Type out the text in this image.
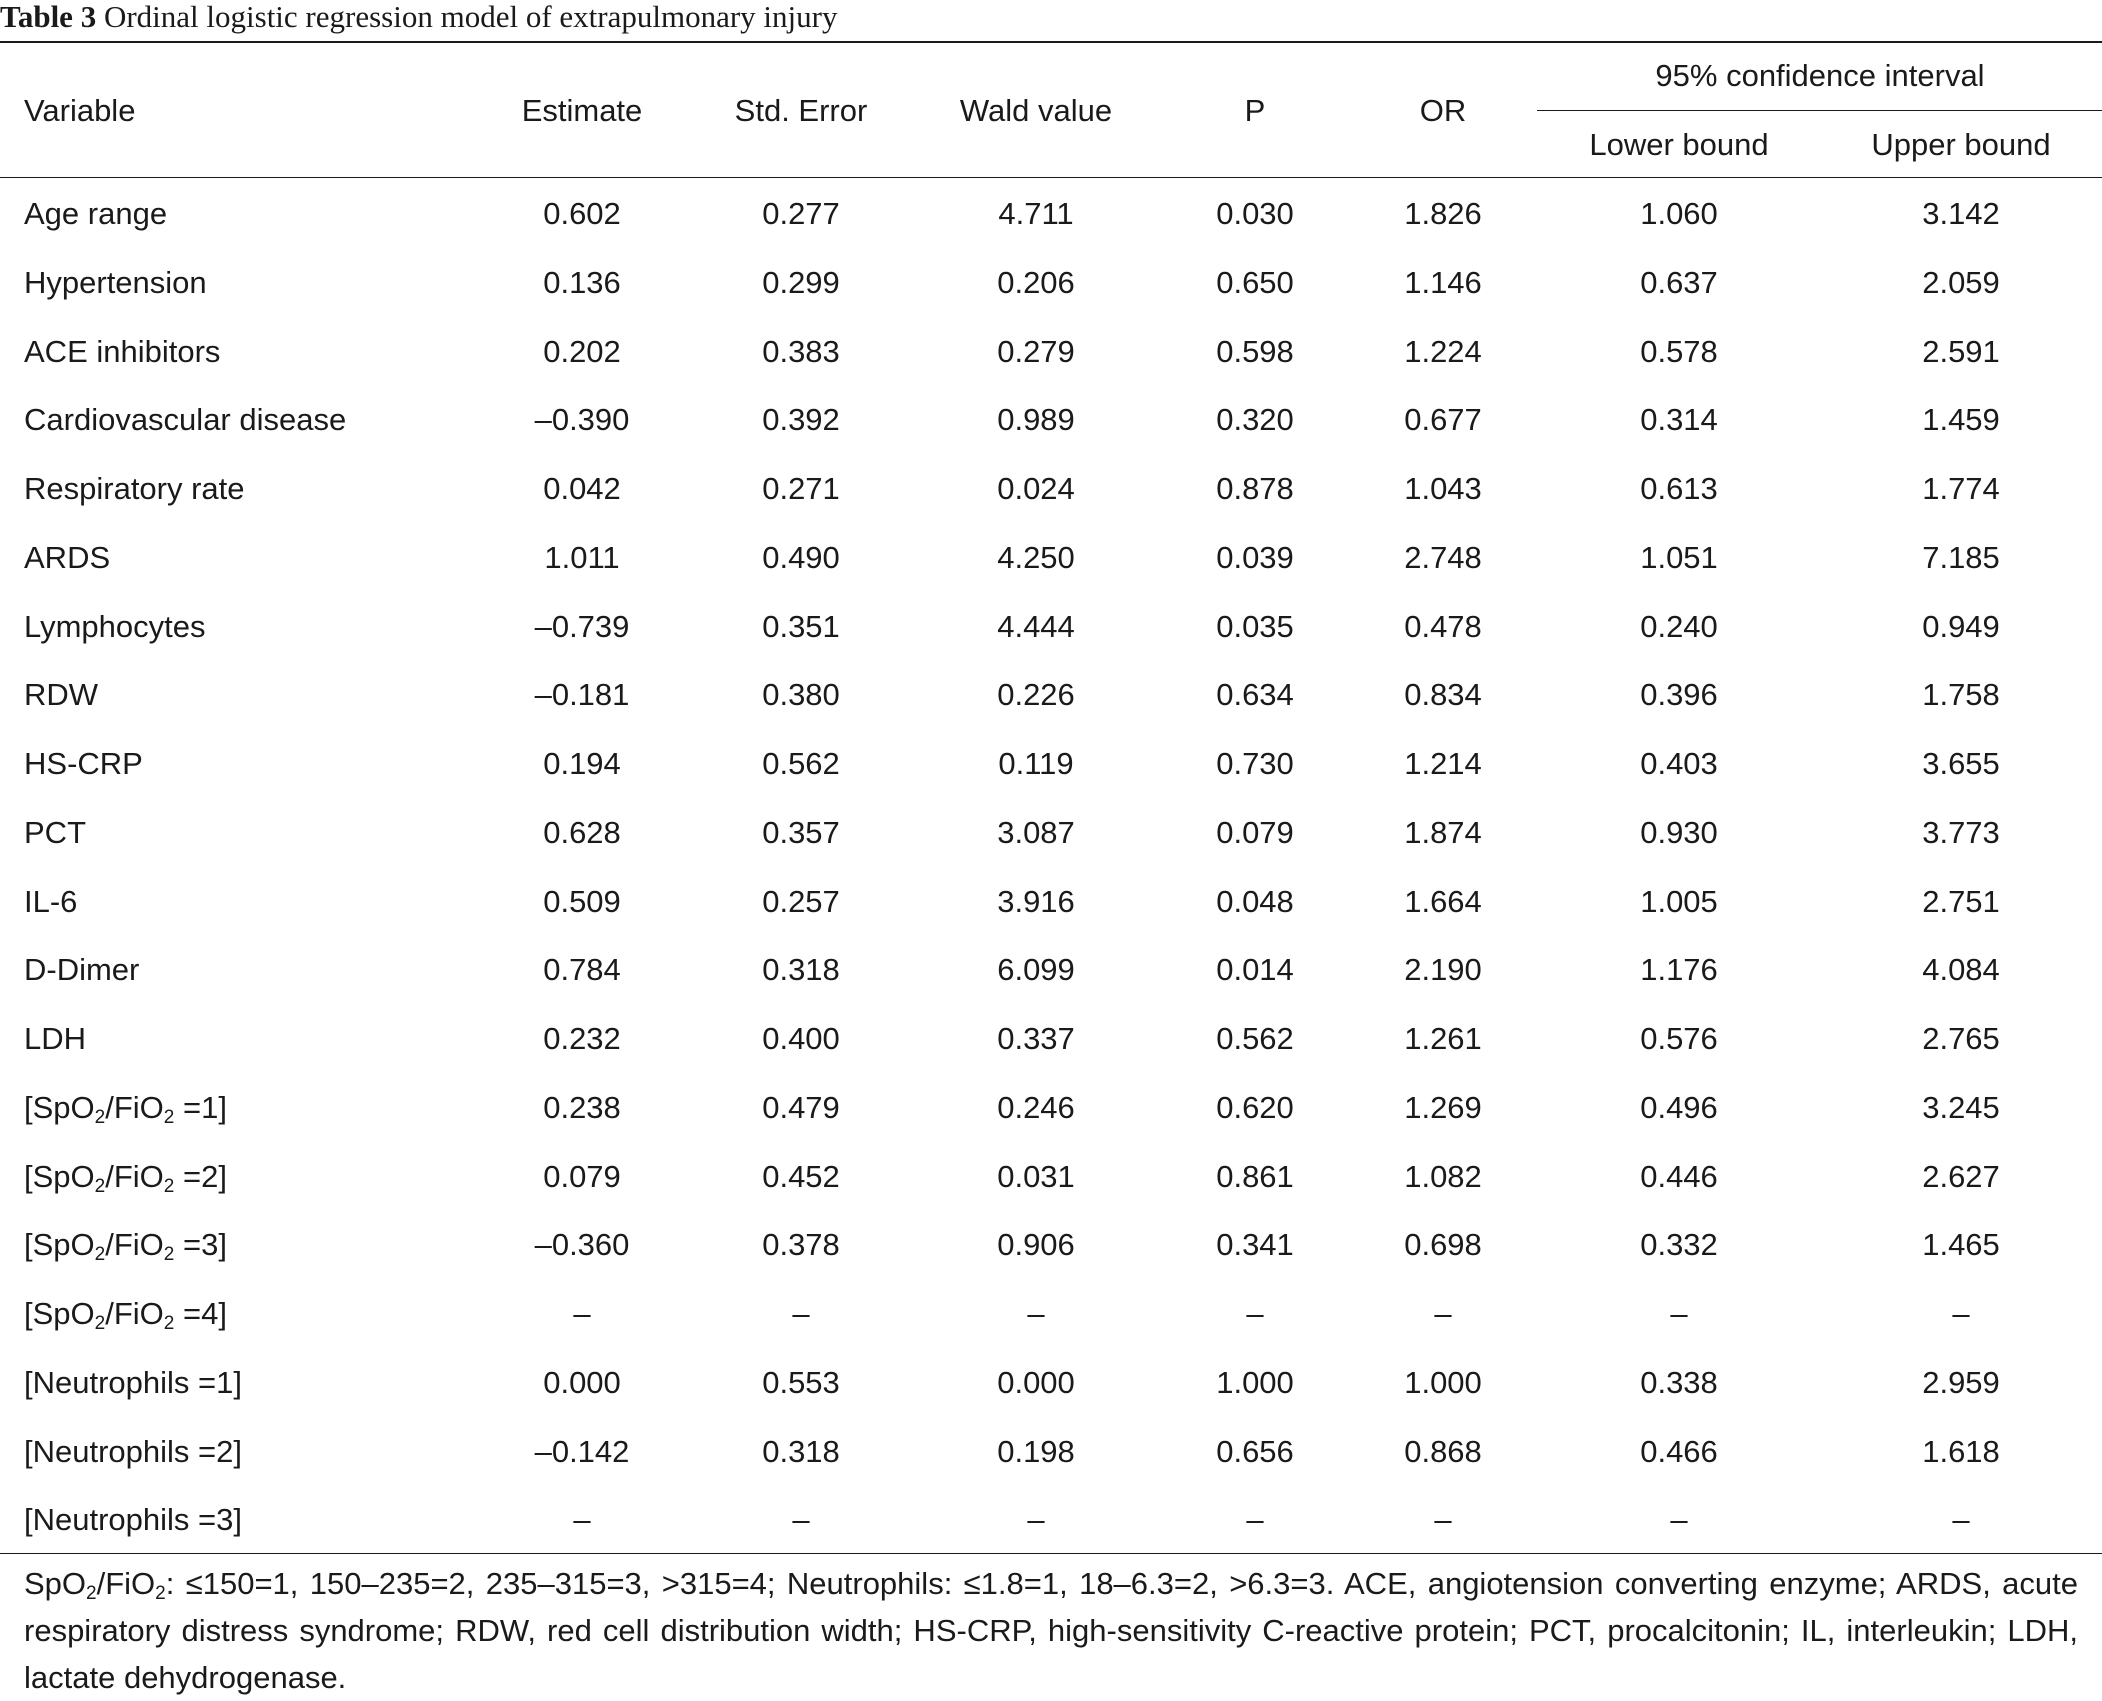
Table 3 Ordinal logistic regression model of extrapulmonary injury
Variable	Estimate	Std. Error	Wald value	P	OR
95% confidence interval
Lower bound	Upper bound
Age range	0.602	0.277	4.711	0.030	1.826	1.060	3.142
Hypertension	0.136	0.299	0.206	0.650	1.146	0.637	2.059
ACE inhibitors	0.202	0.383	0.279	0.598	1.224	0.578	2.591
Cardiovascular disease	–0.390	0.392	0.989	0.320	0.677	0.314	1.459
Respiratory rate	0.042	0.271	0.024	0.878	1.043	0.613	1.774
ARDS	1.011	0.490	4.250	0.039	2.748	1.051	7.185
Lymphocytes	–0.739	0.351	4.444	0.035	0.478	0.240	0.949
RDW	–0.181	0.380	0.226	0.634	0.834	0.396	1.758
HS-CRP	0.194	0.562	0.119	0.730	1.214	0.403	3.655
PCT	0.628	0.357	3.087	0.079	1.874	0.930	3.773
IL-6	0.509	0.257	3.916	0.048	1.664	1.005	2.751
D-Dimer	0.784	0.318	6.099	0.014	2.190	1.176	4.084
LDH	0.232	0.400	0.337	0.562	1.261	0.576	2.765
[SpO$_2$/FiO$_2$ =1]	0.238	0.479	0.246	0.620	1.269	0.496	3.245
[SpO$_2$/FiO$_2$ =2]	0.079	0.452	0.031	0.861	1.082	0.446	2.627
[SpO$_2$/FiO$_2$ =3]	–0.360	0.378	0.906	0.341	0.698	0.332	1.465
[SpO$_2$/FiO$_2$ =4]	–	–	–	–	–	–	–
[Neutrophils =1]	0.000	0.553	0.000	1.000	1.000	0.338	2.959
[Neutrophils =2]	–0.142	0.318	0.198	0.656	0.868	0.466	1.618
[Neutrophils =3]	–	–	–	–	–	–	–
SpO$_2$/FiO$_2$: ≤150=1, 150–235=2, 235–315=3, >315=4; Neutrophils: ≤1.8=1, 18–6.3=2, >6.3=3. ACE, angiotension converting enzyme; ARDS, acute respiratory distress syndrome; RDW, red cell distribution width; HS-CRP, high-sensitivity C-reactive protein; PCT, procalcitonin; IL, interleukin; LDH, lactate dehydrogenase.
